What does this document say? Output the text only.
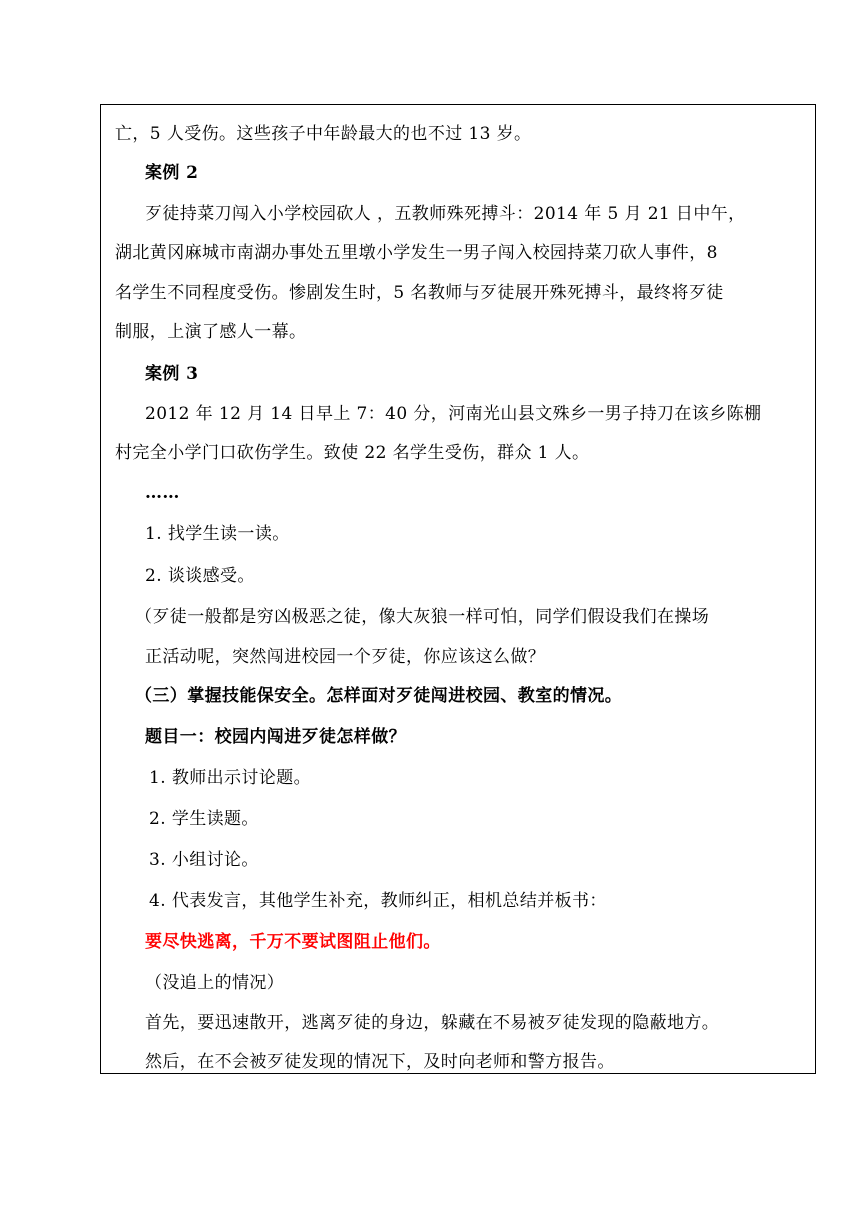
亡，5 人受伤。这些孩子中年龄最大的也不过 13 岁。
案例 2
歹徒持菜刀闯入小学校园砍人 ，五教师殊死搏斗：2014 年 5 月 21 日中午，
湖北黄冈麻城市南湖办事处五里墩小学发生一男子闯入校园持菜刀砍人事件，8
名学生不同程度受伤。惨剧发生时，5 名教师与歹徒展开殊死搏斗，最终将歹徒
制服，上演了感人一幕。
案例 3
2012 年 12 月 14 日早上 7：40 分，河南光山县文殊乡一男子持刀在该乡陈棚
村完全小学门口砍伤学生。致使 22 名学生受伤，群众 1 人。
……
1. 找学生读一读。
2. 谈谈感受。
（歹徒一般都是穷凶极恶之徒，像大灰狼一样可怕，同学们假设我们在操场
正活动呢，突然闯进校园一个歹徒，你应该这么做？
（三）掌握技能保安全。怎样面对歹徒闯进校园、教室的情况。
题目一：校园内闯进歹徒怎样做？
1. 教师出示讨论题。
2. 学生读题。
3. 小组讨论。
4. 代表发言，其他学生补充，教师纠正，相机总结并板书：
要尽快逃离，千万不要试图阻止他们。
（没追上的情况）
首先，要迅速散开，逃离歹徒的身边，躲藏在不易被歹徒发现的隐蔽地方。
然后，在不会被歹徒发现的情况下，及时向老师和警方报告。
